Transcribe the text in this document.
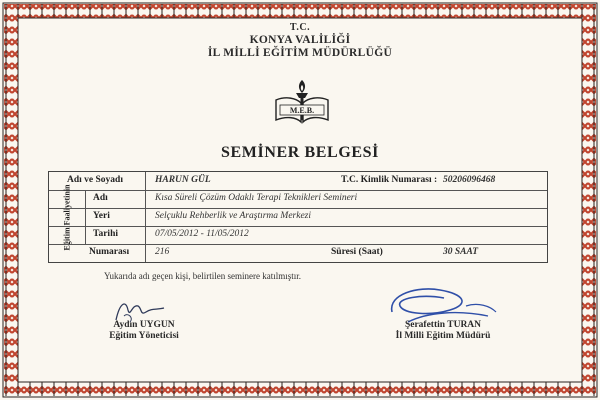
T.C.
KONYA VALİLİĞİ
İL MİLLİ EĞİTİM MÜDÜRLÜĞÜ
M.E.B.
SEMİNER BELGESİ
Adı ve Soyadı	HARUN GÜL	T.C. Kimlik Numarası : 50206096468
Eğitim Faaliyetinin Adı	Kısa Süreli Çözüm Odaklı Terapi Teknikleri Semineri
Yeri	Selçuklu Rehberlik ve Araştırma Merkezi
Tarihi	07/05/2012 - 11/05/2012
Numarası	216	Süresi (Saat)	30 SAAT
Yukarıda adı geçen kişi, belirtilen seminere katılmıştır.
Aydın UYGUN
Eğitim Yöneticisi
Şerafettin TURAN
İl Milli Eğitim Müdürü
